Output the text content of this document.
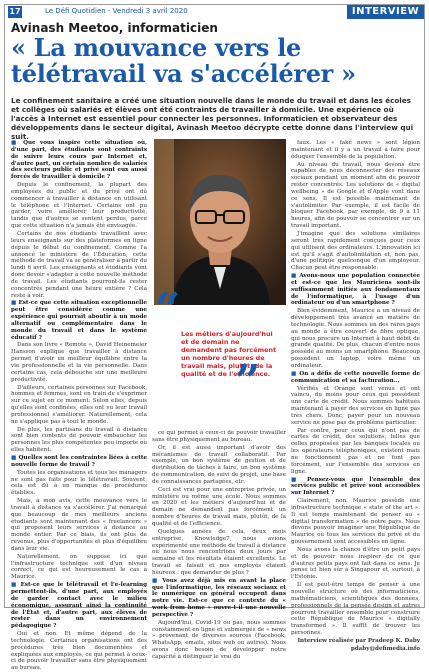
17	Le Défi Quotidien - Vendredi 3 avril 2020	INTERVIEW
Avinash Meetoo, informaticien
« La mouvance vers le télétravail va s'accélérer »
Le confinement sanitaire a créé une situation nouvelle dans le monde du travail et dans les écoles et collèges où salariés et élèves ont été contraints de travailler à domicile. Une expérience où l'accès à Internet est essentiel pour connecter les personnes. Informaticien et observateur des développements dans le secteur digital, Avinash Meetoo décrypte cette donne dans l'interview qui suit.

■ Que vous inspire cette situation où, d'une part, des étudiants sont contraints de suivre leurs cours par Internet et, d'autre part, un certain nombre de salariés des secteurs public et privé sont eux aussi forcés de travailler à domicile ?

Depuis le confinement, la plupart des employées du public et du privé ont dû commencer à travailler à distance en utilisant le téléphone et l'Internet. Certains ont pu garder, voire améliorer leur productivité, tandis que d'autres se sentent perdus, parce que cette situation n'a jamais été envisagée.

Certains de nos étudiants travaillent avec leurs enseignants sur des plateformes en ligne depuis le début du confinement. Comme l'a annoncé le ministère de l'Éducation, cette méthode de travail va se généraliser à partir du lundi 6 avril. Les enseignants et étudiants vont donc devoir s'adapter à cette nouvelle méthode de travail. Les étudiants pourront-ils rester concentrés pendant une heure entière ? Cela reste à voir.

■ Est-ce que cette situation exceptionnelle peut être considérée comme une expérience qui pourrait aboutir à un mode alternatif ou complémentaire dans le monde du travail et dans le système éducatif ?

Dans son livre « Remote », David Heinemeier Hansson explique que travailler à distance permet d'avoir un meilleur équilibre entre la vie professionnelle et la vie personnelle. Dans certains cas, cela débouche sur une meilleure productivité.

D'ailleurs, certaines personnes sur Facebook, hommes et femmes, sont en train de s'exprimer sur ce sujet en ce moment. Selon elles, depuis qu'elles sont confinées, elles ont vu leur travail professionnel s'améliorer. Naturellement, cela ne s'applique pas à tout le monde.

De plus, les partisans du travail à distance sont bien contents de pouvoir embaucher les personnes les plus compétentes peu importe où elles habitent.

■ Quelles sont les contraintes liées à cette nouvelle forme de travail ?

Toutes les organisations et tous les managers ne sont pas faits pour le télétravail. Souvent, cela est dû à un manque de procédures établies.

Mais, à mon avis, cette mouvance vers le travail à distance va s'accélérer. J'ai remarqué que beaucoup de mes meilleurs anciens étudiants sont maintenant des « freelancers » qui proposent leurs services à distance au monde entier. Par ce biais, ils ont plus de revenus, plus d'opportunités et plus d'équilibre dans leur vie.

Naturellement, on suppose ici que l'infrastructure technique soit d'un niveau correct, ce qui est heureusement le cas à Maurice.

■ Est-ce que le télétravail et l'e-learning permettent-ils, d'une part, aux employés de garder contact avec le milieu économique, assurant ainsi la continuité de l'État et, d'autre part, aux élèves de rester dans un environnement pédagogique ?

Oui et non. Et même dépend de la technologie. Certaines organisations ont des procédures très bien documentées et expliquées aux employés, ce qui permet à ceux-ci de pouvoir travailler sans être physiquement au bureau.

“ Les métiers d'aujourd'hui et de demain ne demandent pas forcément un nombre d'heures de travail mais, plutôt, de la qualité et de l'efficience.
”

ce qui permet à ceux-ci de pouvoir travailler sans être physiquement au bureau.

Or, il est aussi important d'avoir des mécanismes de travail collaboratif. Par exemple, un bon système de gestion et de distribution de tâches à faire, un bon système de communication, de suivi de projet, une base de connaissances partagées, etc.

Ceci est vrai pour une entreprise privée, un ministère ou même une école. Nous sommes en 2020 et les métiers d'aujourd'hui et de demain ne demandent pas forcément un nombre d'heures de travail mais, plutôt, de la qualité et de l'efficience.

Quelques années de cela, deux mois entreprise, Knowledge7, nous avions expérimenté une méthode de travail à distance où nous nous rencontrions deux jours par semaine et les résultats étaient excellents. Le travail se faisait et nos employés étaient heureux : que demander de plus ?

■ Vous avez déjà mis en avant la place que l'informatique, les réseaux sociaux et le numérique en général occupent dans notre vie. Est-ce que ce contexte du « work from home » ouvre-t-il une nouvelle perspective ?

Aujourd'hui, Covid-19 ou pas, nous sommes constamment en ligne et submergés de « news » provenant de diverses sources (Facebook, WhatsApp, emails, sites web ou autres). Nous avons donc besoin de développer notre capacité à distinguer le vrai du

faux. Les « fake news » sont légion maintenant et il y a un travail à faire pour éduquer l'ensemble de la population.

Au niveau du travail, nous devons être capables de nous déconnecter des réseaux sociaux pendant un moment afin de pouvoir rester concentrés. Les solutions de « digital wellbeing » de Google et d'Apple vont dans ce sens. Il est possible maintenant de s'autolimiter. Par exemple, il est facile de bloquer Facebook, par exemple, de 9 à 11 heures, afin de pouvoir se concentrer sur un travail important.

J'imagine que des solutions similaires seront très rapidement conçues pour ceux qui utilisent des ordinateurs. L'innovation ici est qu'il s'agit d'autolimitation et, non pas, d'une politique quelconque d'un employeur. Chacun peut être responsable.

■ Avons-nous une population connectée et est-ce que les Mauriciens sont-ils suffisamment initiés aux fondamentaux de l'informatique, à l'usage d'un ordinateur ou d'un smartphone ?

Bien évidemment, Maurice a un niveau de développement très avancé en matière de technologie. Nous sommes un des rares pays au monde à être couvert de fibre optique, qui nous procure un Internet à haut débit de grande qualité. De plus, chacun d'entre nous possède au moins un smartphone. Beaucoup possèdent un laptop, voire même un ordinateur.

■ On a défis de cette nouvelle forme de communication et sa facturation...

Vérifiés et Orange sont venus et ont vaincu, du moins pour ceux qui possèdent une carte de crédit. Nous sommes habitués maintenant à payer des services en ligne pas très chers. Donc, payer pour un nouveau service ne pose pas de problème particulier.

Par contre, pour ceux qui n'ont pas de cartes de crédit, des solutions, telles que celles proposées par les banques locales ou les opérateurs téléphoniques, existent mais ne fonctionnent pas et ne font pas forcément, sur l'ensemble des services en ligne.

■ Pensez-vous que l'ensemble des services public et privé sont accessibles sur Internet ?

Clairement, non. Maurice possède une infrastructure technique « state of the art ». Il est temps maintenant de penser au « digital transformation » de notre pays. Nous devons pouvoir imaginer une République de Maurice où tous les services du privé et du gouvernement sont accessibles en ligne.

Nous avons la chance d'être un petit pays et de pouvoir nous inspirer de ce que d'autres petits pays ont fait dans ce sens. Je pense ici bien sûr à Singapour et, surtout, à l'Estonie.

Il est peut-être temps de penser à une nouvelle structure où des informaticiens, mathématiciens, scientifiques des données, professionnels de la pensée design et autres pourront travailler ensemble pour construire cette République de Maurice « digitally transformed ». Il suffit de trouver les personnes.

Interview réalisée par Pradeep K. Daby

pdaby@defimedia.info
